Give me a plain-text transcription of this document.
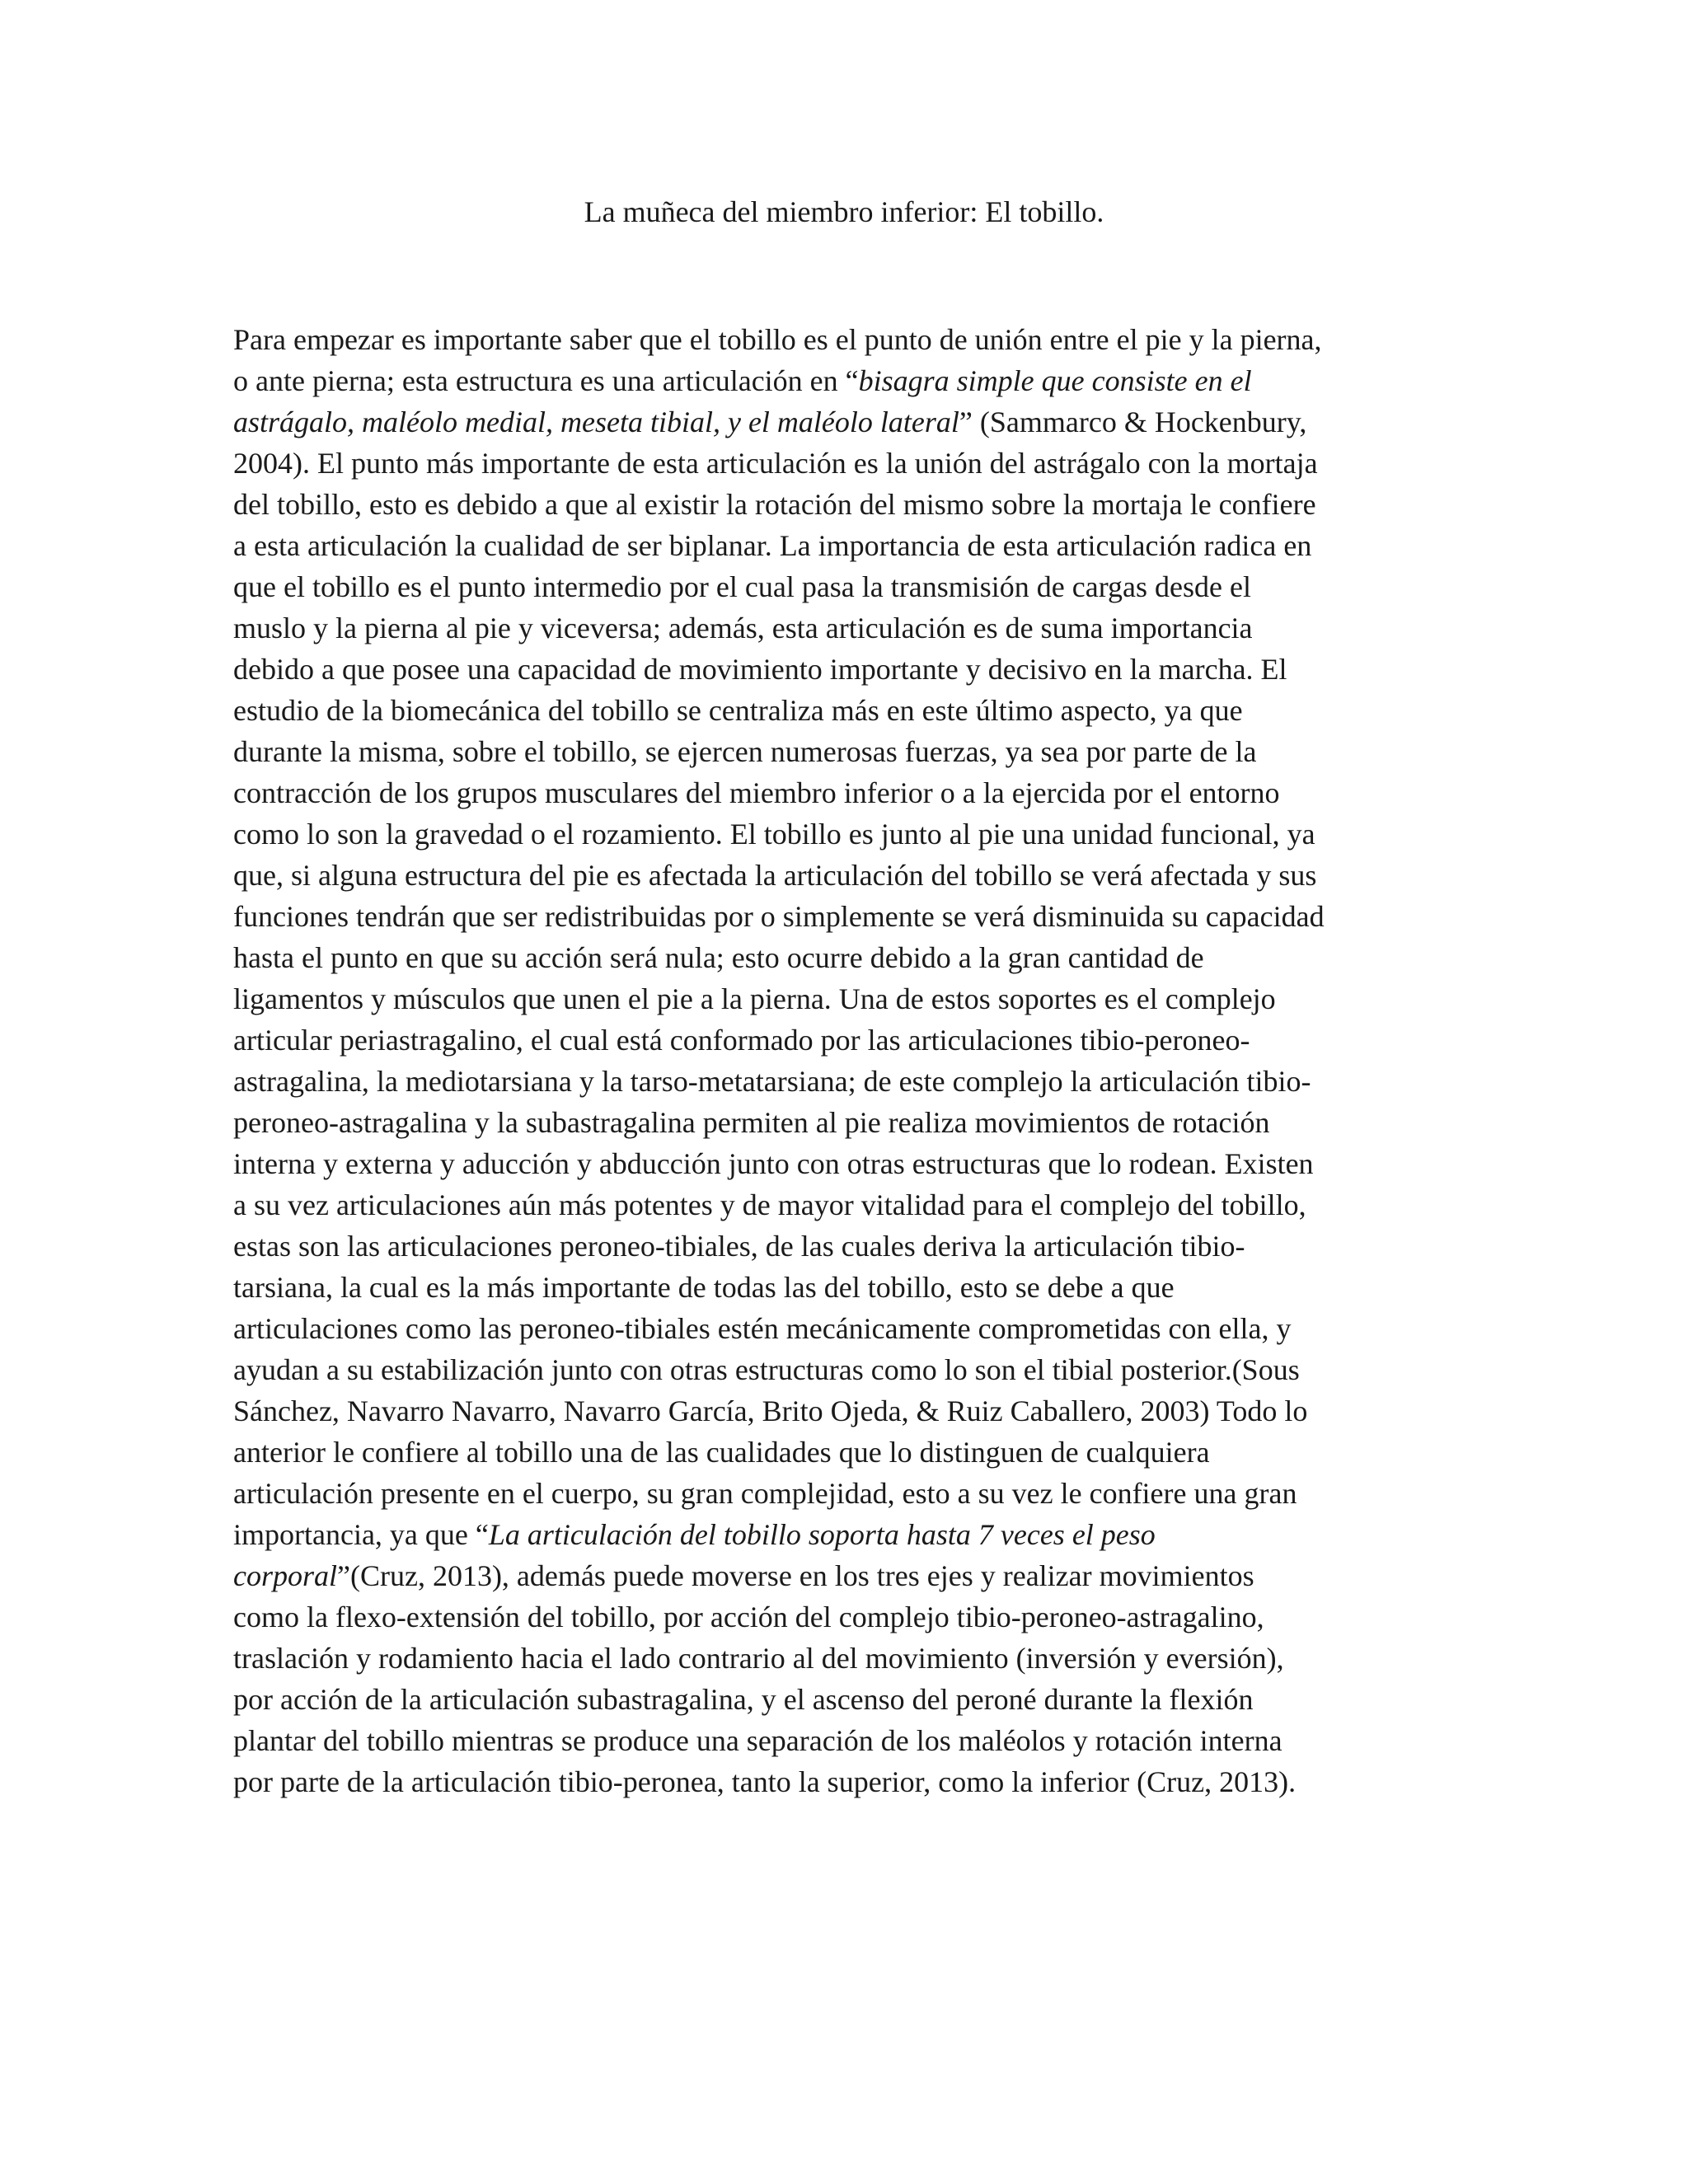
La muñeca del miembro inferior: El tobillo.
Para empezar es importante saber que el tobillo es el punto de unión entre el pie y la pierna,
o ante pierna; esta estructura es una articulación en “bisagra simple que consiste en el
astrágalo, maléolo medial, meseta tibial, y el maléolo lateral” (Sammarco & Hockenbury,
2004). El punto más importante de esta articulación es la unión del astrágalo con la mortaja
del tobillo, esto es debido a que al existir la rotación del mismo sobre la mortaja le confiere
a esta articulación la cualidad de ser biplanar. La importancia de esta articulación radica en
que el tobillo es el punto intermedio por el cual pasa la transmisión de cargas desde el
muslo y la pierna al pie y viceversa; además, esta articulación es de suma importancia
debido a que posee una capacidad de movimiento importante y decisivo en la marcha. El
estudio de la biomecánica del tobillo se centraliza más en este último aspecto, ya que
durante la misma, sobre el tobillo, se ejercen numerosas fuerzas, ya sea por parte de la
contracción de los grupos musculares del miembro inferior o a la ejercida por el entorno
como lo son la gravedad o el rozamiento. El tobillo es junto al pie una unidad funcional, ya
que, si alguna estructura del pie es afectada la articulación del tobillo se verá afectada y sus
funciones tendrán que ser redistribuidas por o simplemente se verá disminuida su capacidad
hasta el punto en que su acción será nula; esto ocurre debido a la gran cantidad de
ligamentos y músculos que unen el pie a la pierna. Una de estos soportes es el complejo
articular periastragalino, el cual está conformado por las articulaciones tibio-peroneo-
astragalina, la mediotarsiana y la tarso-metatarsiana; de este complejo la articulación tibio-
peroneo-astragalina y la subastragalina permiten al pie realiza movimientos de rotación
interna y externa y aducción y abducción junto con otras estructuras que lo rodean. Existen
a su vez articulaciones aún más potentes y de mayor vitalidad para el complejo del tobillo,
estas son las articulaciones peroneo-tibiales, de las cuales deriva la articulación tibio-
tarsiana, la cual es la más importante de todas las del tobillo, esto se debe a que
articulaciones como las peroneo-tibiales estén mecánicamente comprometidas con ella, y
ayudan a su estabilización junto con otras estructuras como lo son el tibial posterior.(Sous
Sánchez, Navarro Navarro, Navarro García, Brito Ojeda, & Ruiz Caballero, 2003) Todo lo
anterior le confiere al tobillo una de las cualidades que lo distinguen de cualquiera
articulación presente en el cuerpo, su gran complejidad, esto a su vez le confiere una gran
importancia, ya que “La articulación del tobillo soporta hasta 7 veces el peso
corporal”(Cruz, 2013), además puede moverse en los tres ejes y realizar movimientos
como la flexo-extensión del tobillo, por acción del complejo tibio-peroneo-astragalino,
traslación y rodamiento hacia el lado contrario al del movimiento (inversión y eversión),
por acción de la articulación subastragalina, y el ascenso del peroné durante la flexión
plantar del tobillo mientras se produce una separación de los maléolos y rotación interna
por parte de la articulación tibio-peronea, tanto la superior, como la inferior (Cruz, 2013).
